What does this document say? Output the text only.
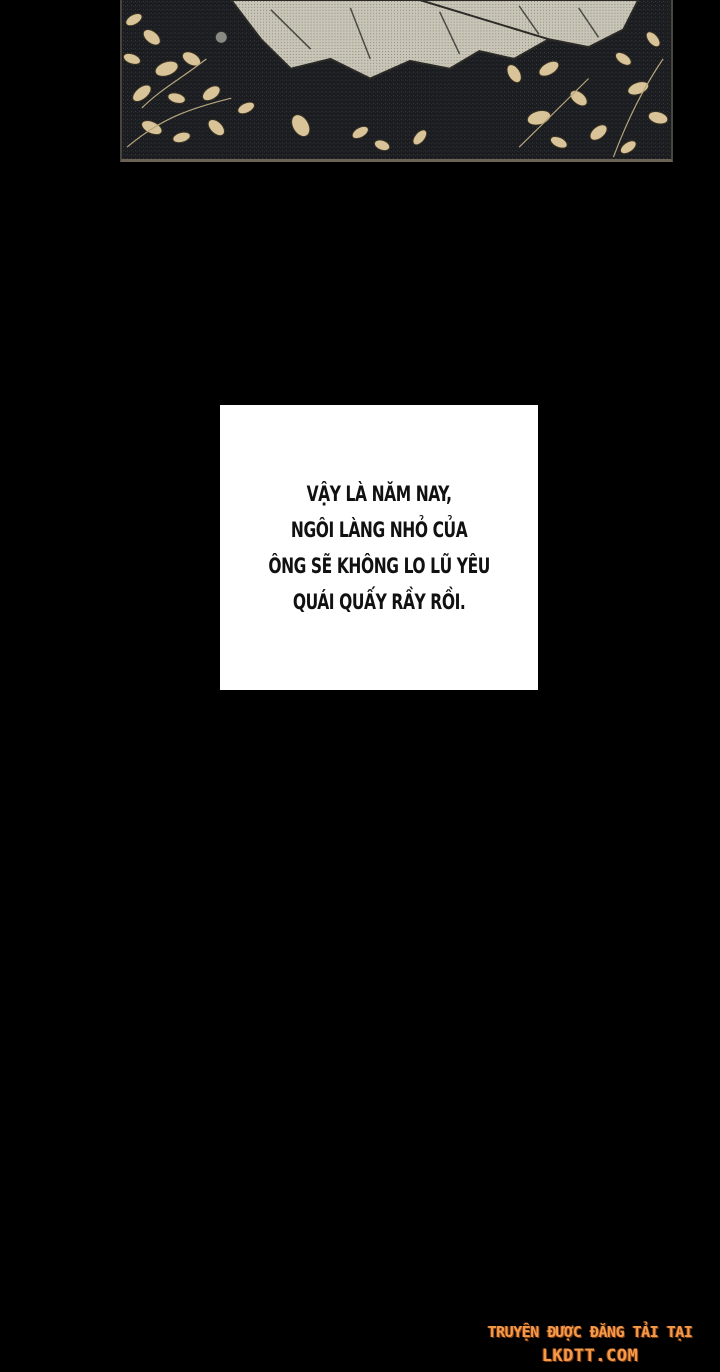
VẬY LÀ NĂM NAY,
NGÔI LÀNG NHỎ CỦA
ÔNG SẼ KHÔNG LO LŨ YÊU
QUÁI QUẤY RẦY RỒI.

TRUYỆN ĐƯỢC ĐĂNG TẢI TẠI
LKDTT.COM
